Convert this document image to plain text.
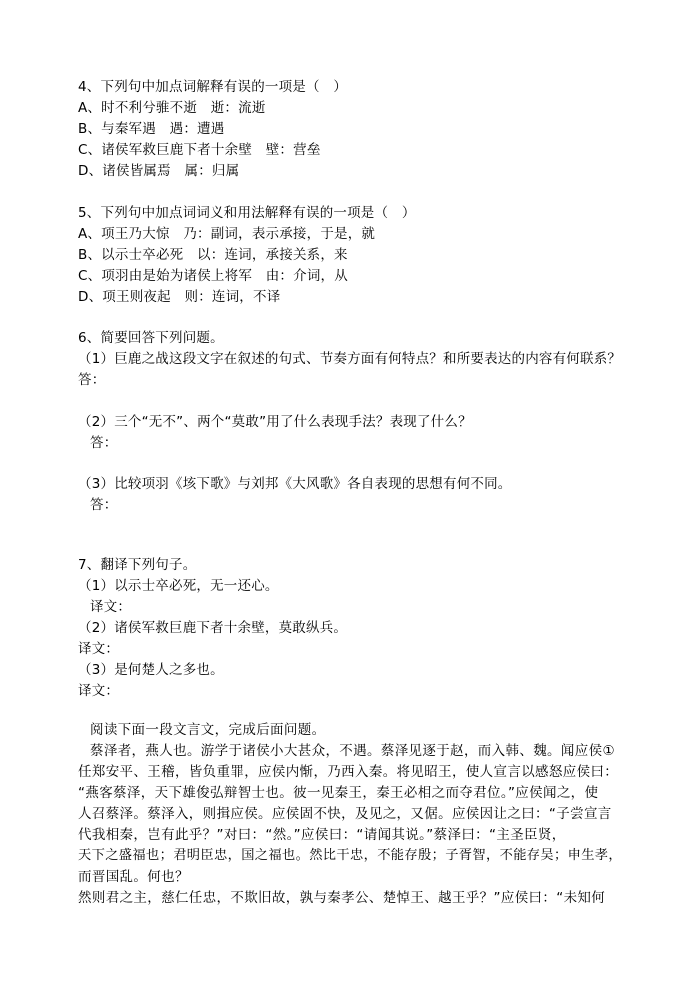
4、下列句中加点词解释有误的一项是（　）
A、时不利兮骓不逝　逝：流逝
B、与秦军遇　遇：遭遇
C、诸侯军救巨鹿下者十余壁　壁：营垒
D、诸侯皆属焉　属：归属
5、下列句中加点词词义和用法解释有误的一项是（　）
A、项王乃大惊　乃：副词，表示承接，于是，就
B、以示士卒必死　以：连词，承接关系，来
C、项羽由是始为诸侯上将军　由：介词，从
D、项王则夜起　则：连词，不译
6、简要回答下列问题。
（1）巨鹿之战这段文字在叙述的句式、节奏方面有何特点？和所要表达的内容有何联系？
答：
（2）三个“无不”、两个“莫敢”用了什么表现手法？表现了什么？
答：
（3）比较项羽《垓下歌》与刘邦《大风歌》各自表现的思想有何不同。
答：
7、翻译下列句子。
（1）以示士卒必死，无一还心。
译文：
（2）诸侯军救巨鹿下者十余壁，莫敢纵兵。
译文：
（3）是何楚人之多也。
译文：
阅读下面一段文言文，完成后面问题。
蔡泽者，燕人也。游学于诸侯小大甚众，不遇。蔡泽见逐于赵，而入韩、魏。闻应侯①
任郑安平、王稽，皆负重罪，应侯内惭，乃西入秦。将见昭王，使人宣言以感怒应侯曰：
“燕客蔡泽，天下雄俊弘辩智士也。彼一见秦王，秦王必相之而夺君位。”应侯闻之，使
人召蔡泽。蔡泽入，则揖应侯。应侯固不快，及见之，又倨。应侯因让之曰：“子尝宣言
代我相秦，岂有此乎？”对曰：“然。”应侯曰：“请闻其说。”蔡泽曰：“主圣臣贤，
天下之盛福也；君明臣忠，国之福也。然比干忠，不能存殷；子胥智，不能存吴；申生孝，
而晋国乱。何也？
然则君之主，慈仁任忠，不欺旧故，孰与秦孝公、楚悼王、越王乎？”应侯曰：“未知何
